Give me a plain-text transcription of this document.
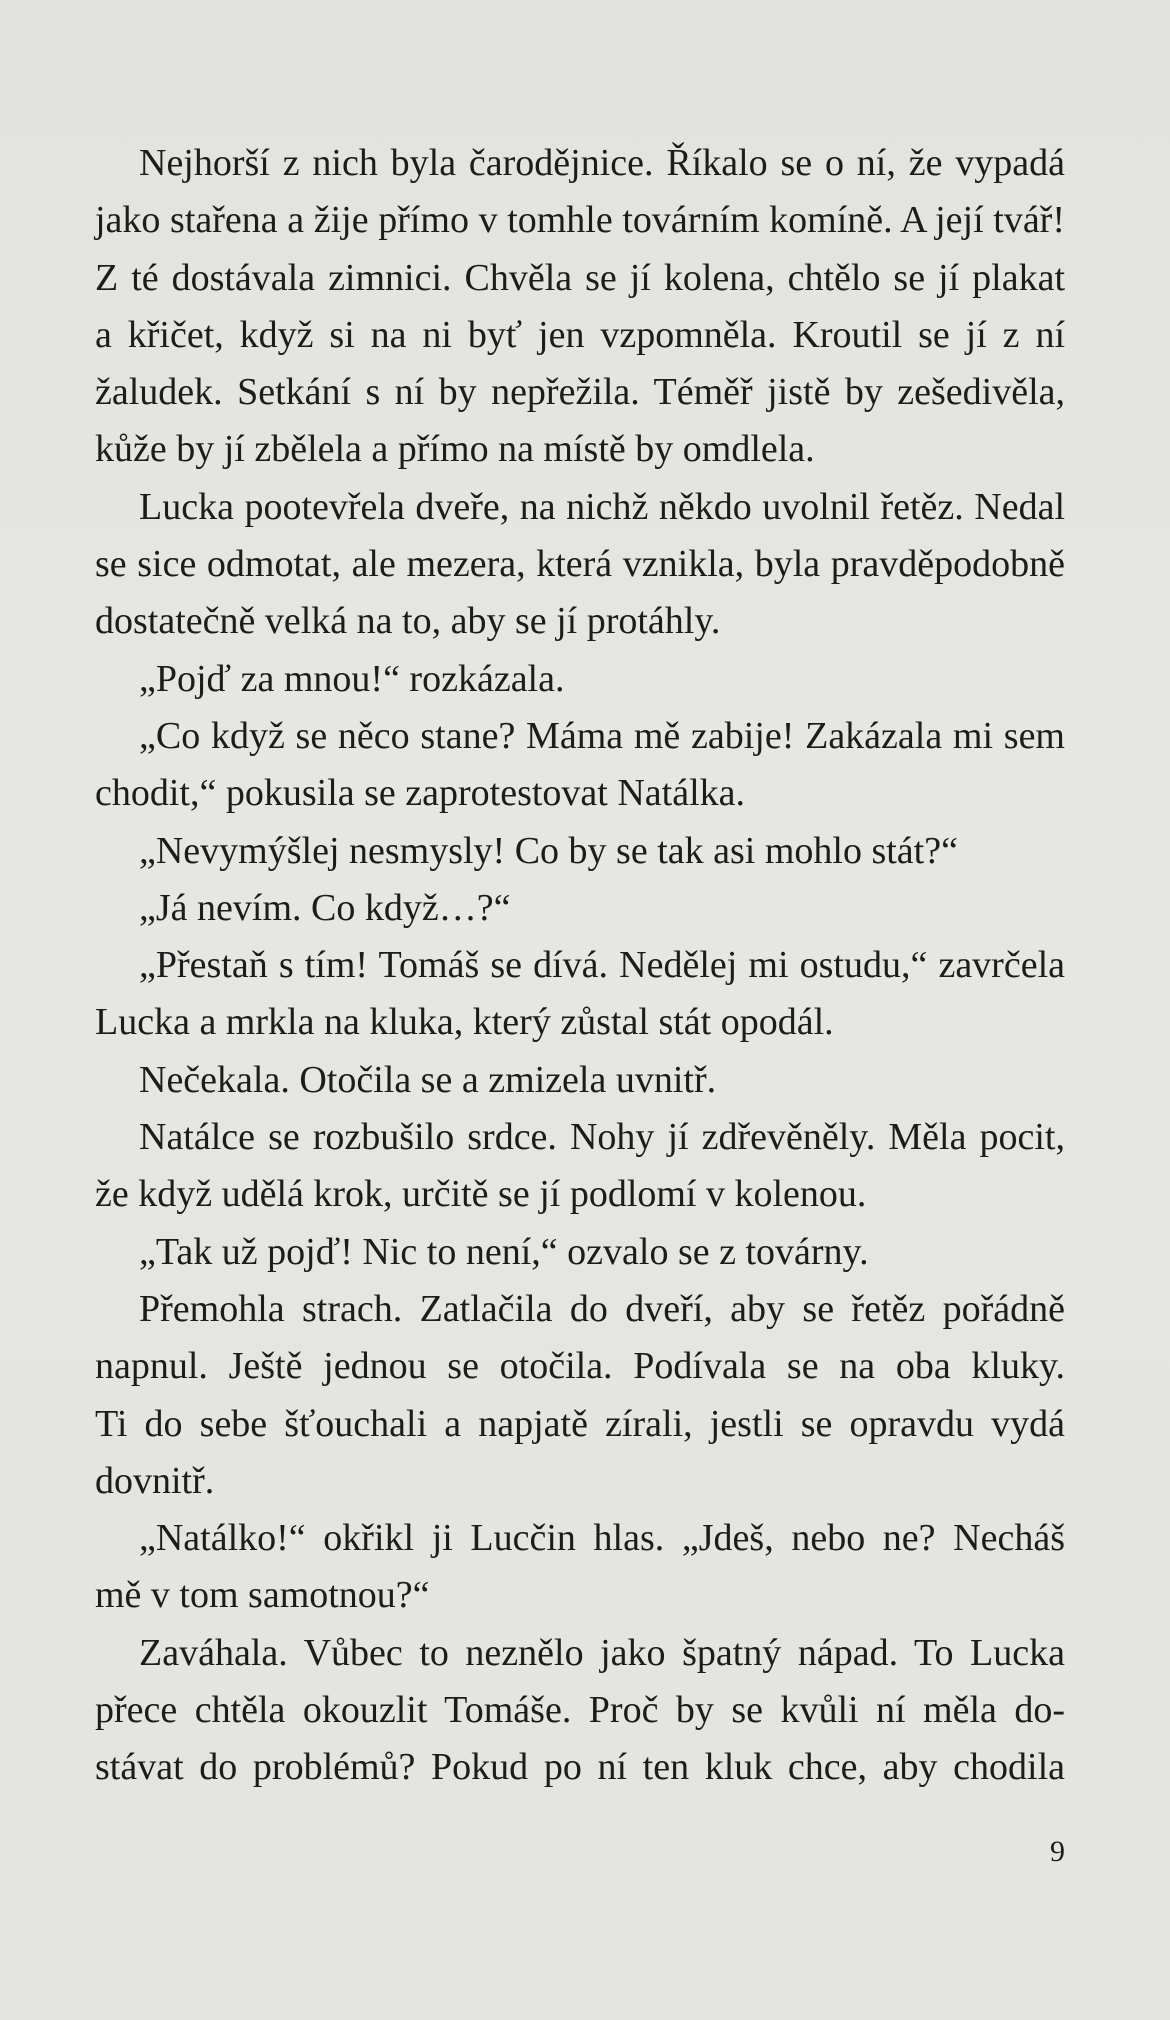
Nejhorší z nich byla čarodějnice. Říkalo se o ní, že vypadá
jako stařena a žije přímo v tomhle továrním komíně. A její tvář!
Z té dostávala zimnici. Chvěla se jí kolena, chtělo se jí plakat
a křičet, když si na ni byť jen vzpomněla. Kroutil se jí z ní
žaludek. Setkání s ní by nepřežila. Téměř jistě by zešedivěla,
kůže by jí zbělela a přímo na místě by omdlela.
Lucka pootevřela dveře, na nichž někdo uvolnil řetěz. Nedal
se sice odmotat, ale mezera, která vznikla, byla pravděpodobně
dostatečně velká na to, aby se jí protáhly.
„Pojď za mnou!“ rozkázala.
„Co když se něco stane? Máma mě zabije! Zakázala mi sem
chodit,“ pokusila se zaprotestovat Natálka.
„Nevymýšlej nesmysly! Co by se tak asi mohlo stát?“
„Já nevím. Co když…?“
„Přestaň s tím! Tomáš se dívá. Nedělej mi ostudu,“ zavrčela
Lucka a mrkla na kluka, který zůstal stát opodál.
Nečekala. Otočila se a zmizela uvnitř.
Natálce se rozbušilo srdce. Nohy jí zdřevěněly. Měla pocit,
že když udělá krok, určitě se jí podlomí v kolenou.
„Tak už pojď! Nic to není,“ ozvalo se z továrny.
Přemohla strach. Zatlačila do dveří, aby se řetěz pořádně
napnul. Ještě jednou se otočila. Podívala se na oba kluky.
Ti do sebe šťouchali a napjatě zírali, jestli se opravdu vydá
dovnitř.
„Natálko!“ okřikl ji Lucčin hlas. „Jdeš, nebo ne? Necháš
mě v tom samotnou?“
Zaváhala. Vůbec to neznělo jako špatný nápad. To Lucka
přece chtěla okouzlit Tomáše. Proč by se kvůli ní měla do-
stávat do problémů? Pokud po ní ten kluk chce, aby chodila
9
